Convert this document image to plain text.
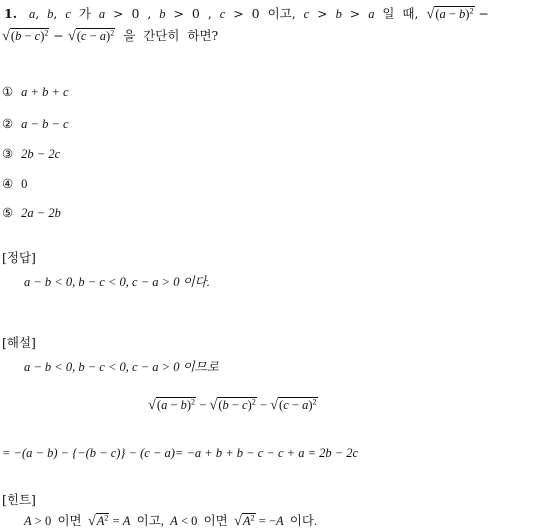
1. a,  b,  c  가  a  >  0  ,  b  >  0  ,  c  >  0  이고,  c  >  b  >  a  일  때,  $√(a - b)^2$ −
$√(b - c)^2 - √(c - a)^2$  을  간단히  하면?
① a + b + c
② a − b − c
③ 2b − 2c
④ 0
⑤ 2a − 2b
[정답]
a − b < 0, b − c < 0, c − a > 0 이다.
[해설]
a − b < 0, b − c < 0, c − a > 0 이므로
$√(a - b)^2 - √(b - c)^2 - √(c - a)^2$
= −(a − b) − {−(b − c)} − (c − a)= −a + b + b − c − c + a = 2b − 2c
[힌트]
A > 0  이면  $√A^2 = A$  이고,  A < 0  이면  $√A^2 = -A$  이다.
